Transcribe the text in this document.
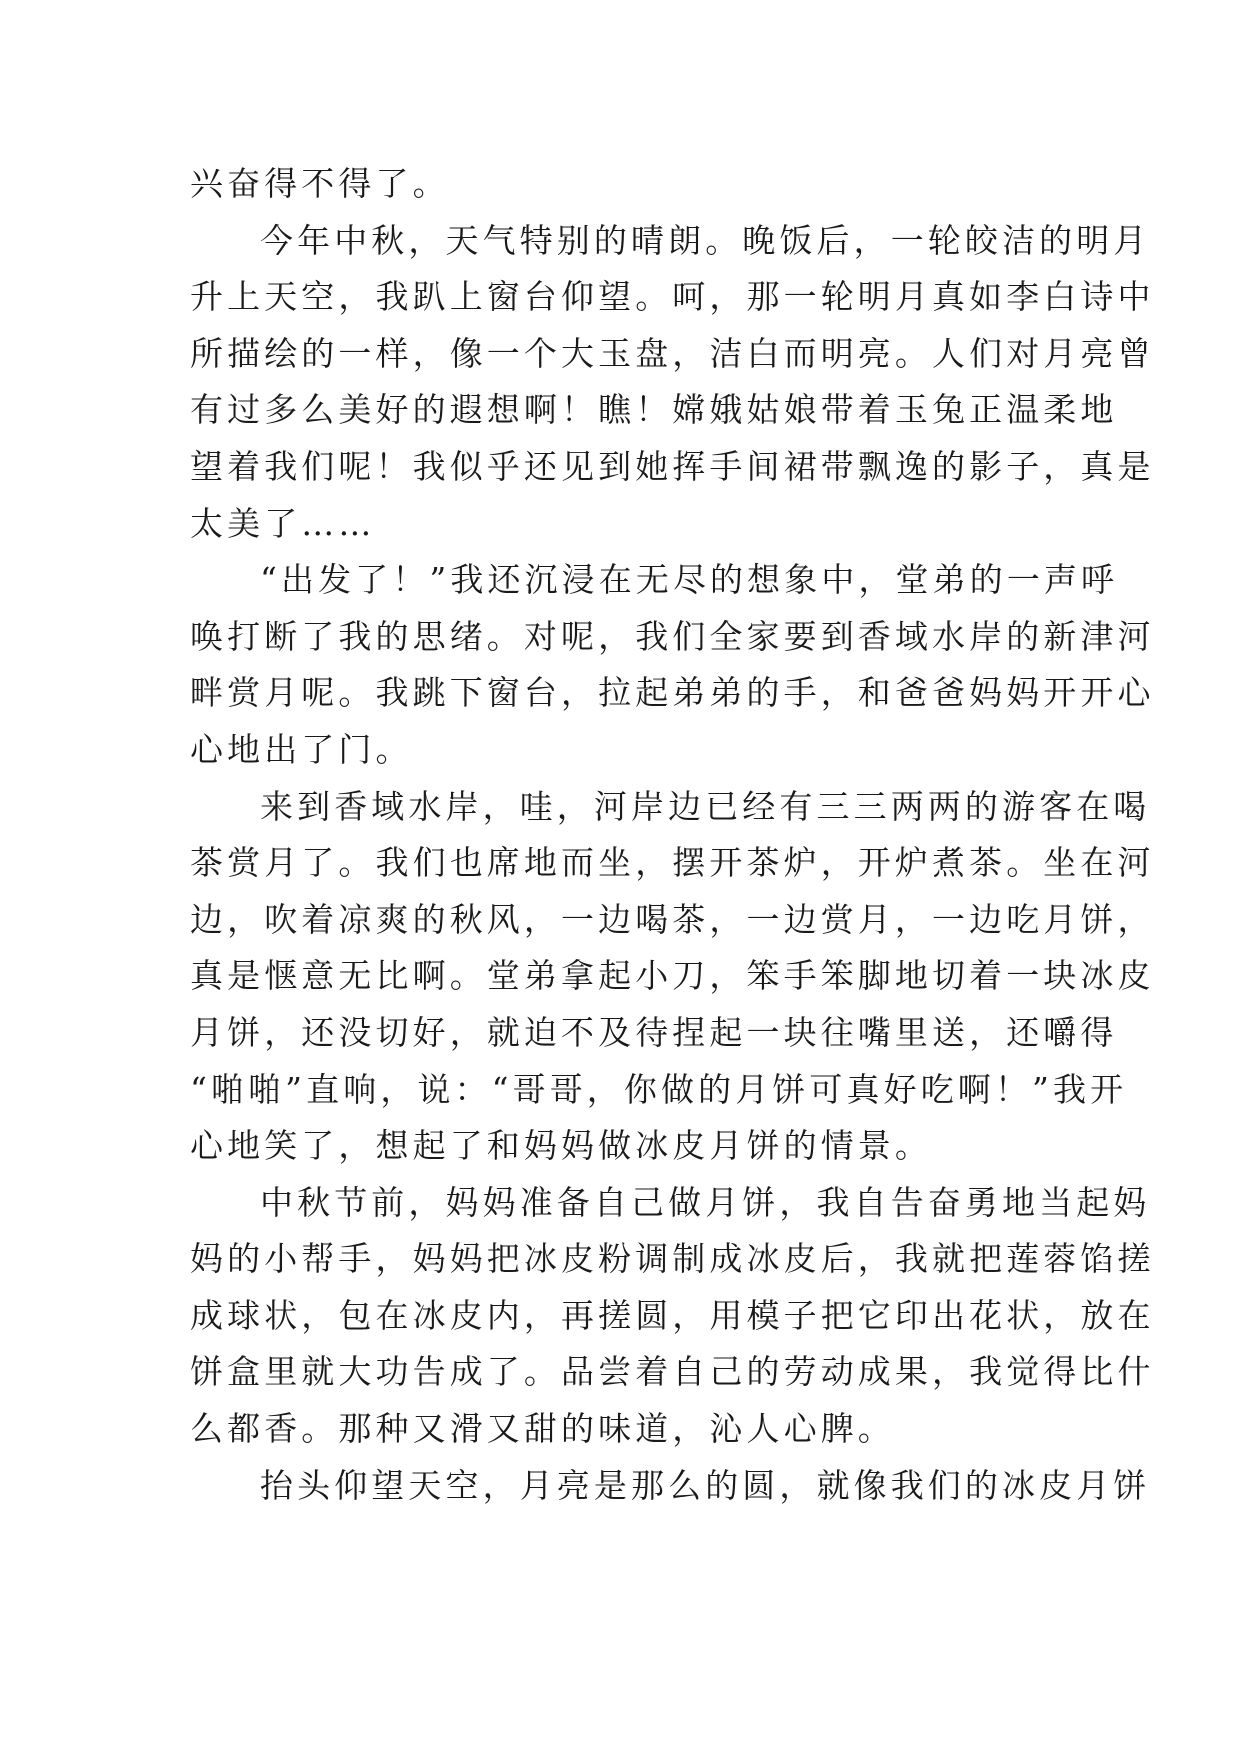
兴奋得不得了。
今年中秋，天气特别的晴朗。晚饭后，一轮皎洁的明月
升上天空，我趴上窗台仰望。呵，那一轮明月真如李白诗中
所描绘的一样，像一个大玉盘，洁白而明亮。人们对月亮曾
有过多么美好的遐想啊！瞧！嫦娥姑娘带着玉兔正温柔地
望着我们呢！我似乎还见到她挥手间裙带飘逸的影子，真是
太美了……
“出发了！”我还沉浸在无尽的想象中，堂弟的一声呼
唤打断了我的思绪。对呢，我们全家要到香域水岸的新津河
畔赏月呢。我跳下窗台，拉起弟弟的手，和爸爸妈妈开开心
心地出了门。
来到香域水岸，哇，河岸边已经有三三两两的游客在喝
茶赏月了。我们也席地而坐，摆开茶炉，开炉煮茶。坐在河
边，吹着凉爽的秋风，一边喝茶，一边赏月，一边吃月饼，
真是惬意无比啊。堂弟拿起小刀，笨手笨脚地切着一块冰皮
月饼，还没切好，就迫不及待捏起一块往嘴里送，还嚼得
“啪啪”直响，说：“哥哥，你做的月饼可真好吃啊！”我开
心地笑了，想起了和妈妈做冰皮月饼的情景。
中秋节前，妈妈准备自己做月饼，我自告奋勇地当起妈
妈的小帮手，妈妈把冰皮粉调制成冰皮后，我就把莲蓉馅搓
成球状，包在冰皮内，再搓圆，用模子把它印出花状，放在
饼盒里就大功告成了。品尝着自己的劳动成果，我觉得比什
么都香。那种又滑又甜的味道，沁人心脾。
抬头仰望天空，月亮是那么的圆，就像我们的冰皮月饼
